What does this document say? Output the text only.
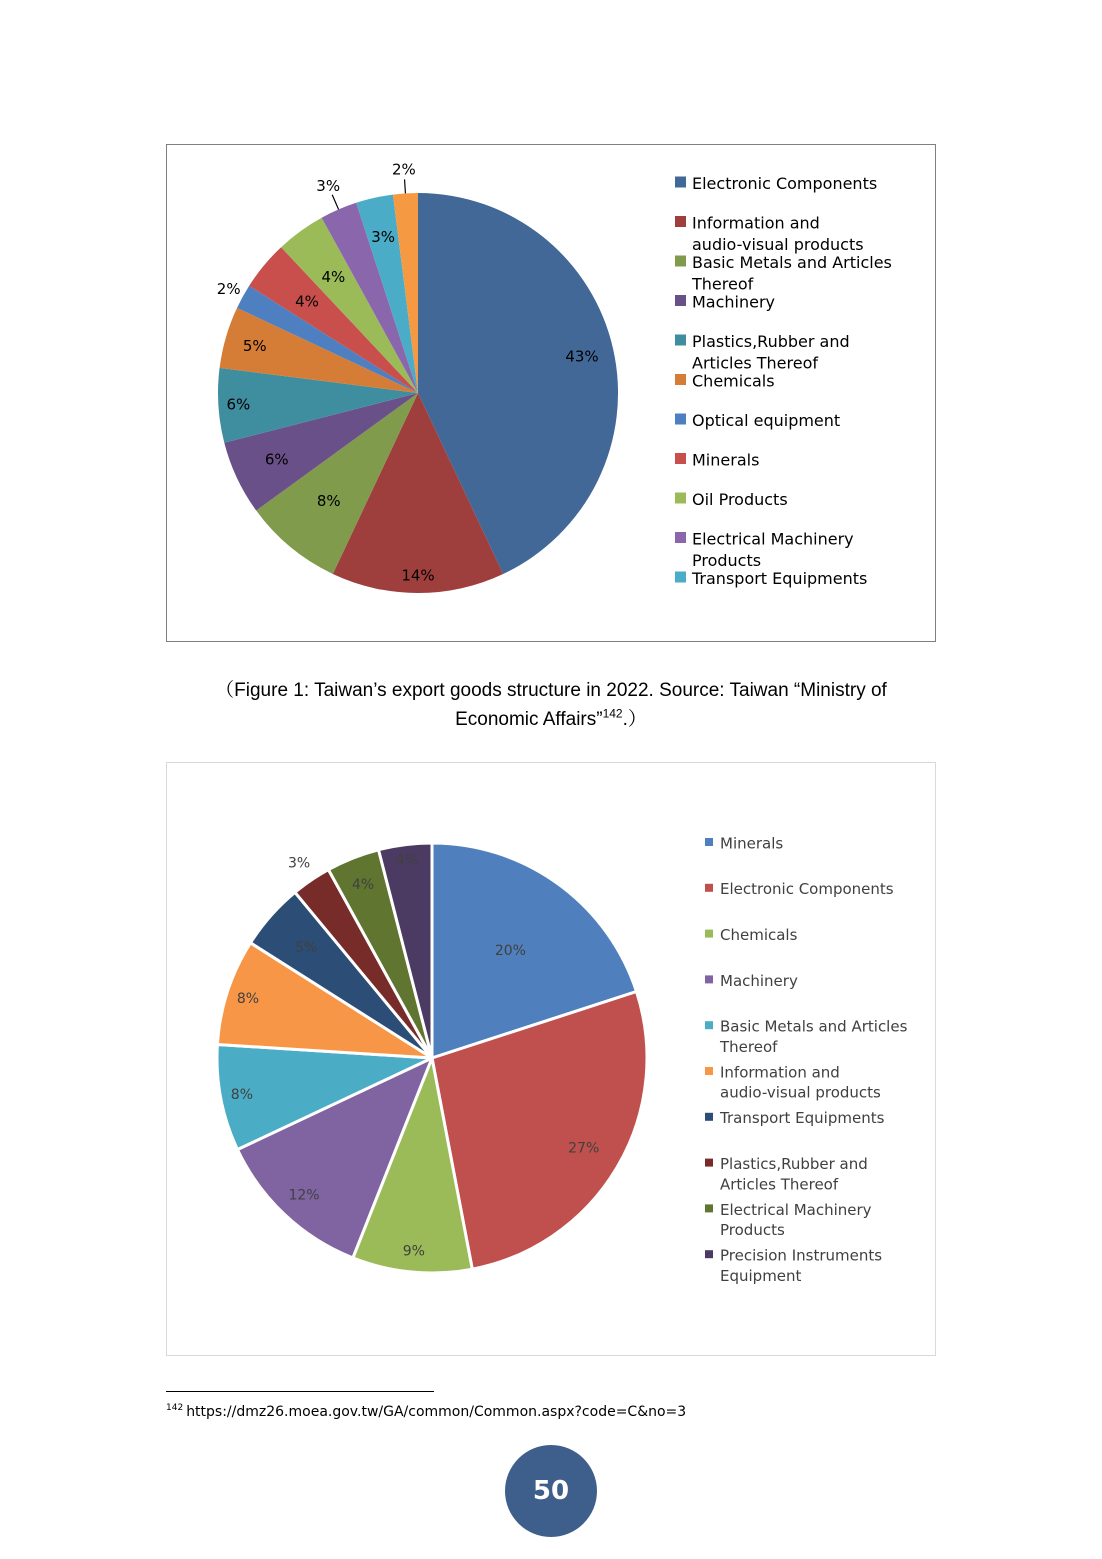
43%
14%
8%
6%
6%
5%
2%
4%
4%
3%
3%
2%
Electronic Components
Information and audio-visual products
Basic Metals and Articles Thereof
Machinery
Plastics,Rubber and Articles Thereof
Chemicals
Optical equipment
Minerals
Oil Products
Electrical Machinery Products
Transport Equipments
（Figure 1: Taiwan’s export goods structure in 2022. Source: Taiwan “Ministry of
Economic Affairs”$^{142}$.）
20%
27%
9%
12%
8%
8%
5%
3%
4%
4%
Minerals
Electronic Components
Chemicals
Machinery
Basic Metals and Articles Thereof
Information and audio-visual products
Transport Equipments
Plastics,Rubber and Articles Thereof
Electrical Machinery Products
Precision Instruments Equipment
$^{142}$ https://dmz26.moea.gov.tw/GA/common/Common.aspx?code=C&no=3
50
